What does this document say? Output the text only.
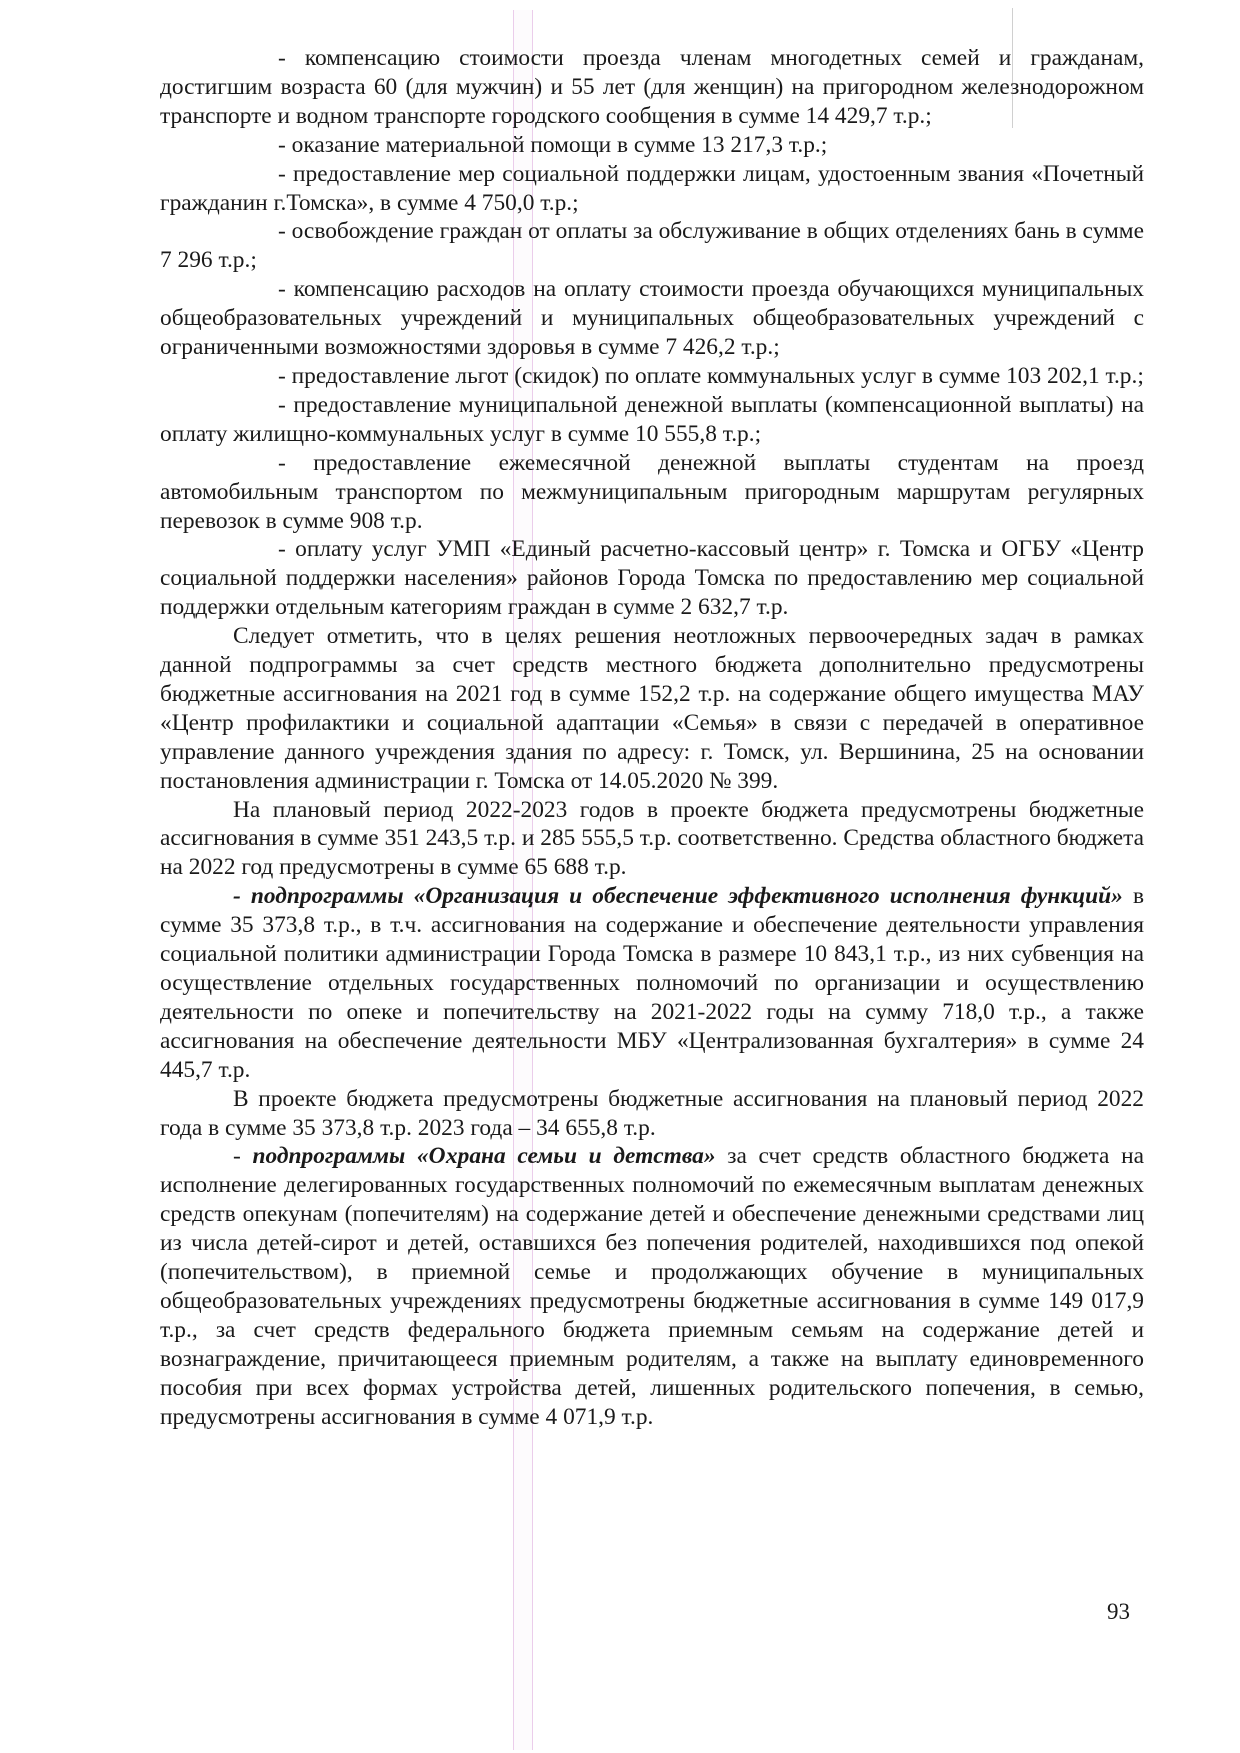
- компенсацию стоимости проезда членам многодетных семей и гражданам, достигшим возраста 60 (для мужчин) и 55 лет (для женщин) на пригородном железнодорожном транспорте и водном транспорте городского сообщения в сумме 14 429,7 т.р.;

- оказание материальной помощи в сумме 13 217,3 т.р.;

- предоставление мер социальной поддержки лицам, удостоенным звания «Почетный гражданин г.Томска», в сумме 4 750,0 т.р.;

- освобождение граждан от оплаты за обслуживание в общих отделениях бань в сумме 7 296 т.р.;

- компенсацию расходов на оплату стоимости проезда обучающихся муниципальных общеобразовательных учреждений и муниципальных общеобразовательных учреждений с ограниченными возможностями здоровья в сумме 7 426,2 т.р.;

- предоставление льгот (скидок) по оплате коммунальных услуг в сумме 103 202,1 т.р.;

- предоставление муниципальной денежной выплаты (компенсационной выплаты) на оплату жилищно-коммунальных услуг в сумме 10 555,8 т.р.;

- предоставление ежемесячной денежной выплаты студентам на проезд автомобильным транспортом по межмуниципальным пригородным маршрутам регулярных перевозок в сумме 908 т.р.

- оплату услуг УМП «Единый расчетно-кассовый центр» г. Томска и ОГБУ «Центр социальной поддержки населения» районов Города Томска по предоставлению мер социальной поддержки отдельным категориям граждан в сумме 2 632,7 т.р.

Следует отметить, что в целях решения неотложных первоочередных задач в рамках данной подпрограммы за счет средств местного бюджета дополнительно предусмотрены бюджетные ассигнования на 2021 год в сумме 152,2 т.р. на содержание общего имущества МАУ «Центр профилактики и социальной адаптации «Семья» в связи с передачей в оперативное управление данного учреждения здания по адресу: г. Томск, ул. Вершинина, 25 на основании постановления администрации г. Томска от 14.05.2020 № 399.

На плановый период 2022-2023 годов в проекте бюджета предусмотрены бюджетные ассигнования в сумме 351 243,5 т.р. и 285 555,5 т.р. соответственно. Средства областного бюджета на 2022 год предусмотрены в сумме 65 688 т.р.

- подпрограммы «Организация и обеспечение эффективного исполнения функций» в сумме 35 373,8 т.р., в т.ч. ассигнования на содержание и обеспечение деятельности управления социальной политики администрации Города Томска в размере 10 843,1 т.р., из них субвенция на осуществление отдельных государственных полномочий по организации и осуществлению деятельности по опеке и попечительству на 2021-2022 годы на сумму 718,0 т.р., а также ассигнования на обеспечение деятельности МБУ «Централизованная бухгалтерия» в сумме 24 445,7 т.р.

В проекте бюджета предусмотрены бюджетные ассигнования на плановый период 2022 года в сумме 35 373,8 т.р. 2023 года – 34 655,8 т.р.

- подпрограммы «Охрана семьи и детства» за счет средств областного бюджета на исполнение делегированных государственных полномочий по ежемесячным выплатам денежных средств опекунам (попечителям) на содержание детей и обеспечение денежными средствами лиц из числа детей-сирот и детей, оставшихся без попечения родителей, находившихся под опекой (попечительством), в приемной семье и продолжающих обучение в муниципальных общеобразовательных учреждениях предусмотрены бюджетные ассигнования в сумме 149 017,9 т.р., за счет средств федерального бюджета приемным семьям на содержание детей и вознаграждение, причитающееся приемным родителям, а также на выплату единовременного пособия при всех формах устройства детей, лишенных родительского попечения, в семью, предусмотрены ассигнования в сумме 4 071,9 т.р.

93
